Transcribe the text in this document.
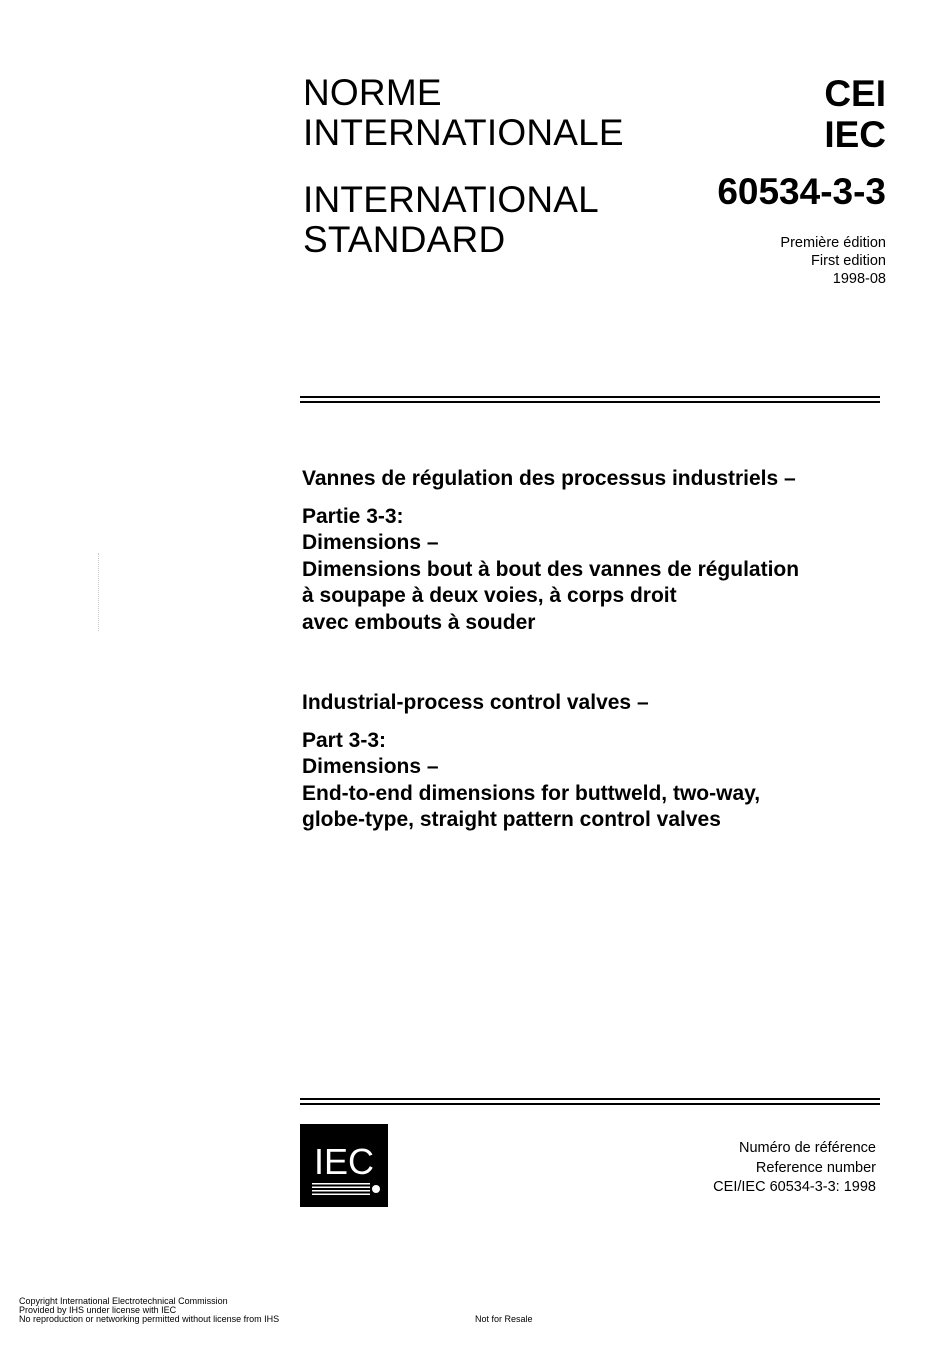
NORME
INTERNATIONALE
INTERNATIONAL
STANDARD
CEI
IEC
60534-3-3
Première édition
First edition
1998-08
Vannes de régulation des processus industriels –
Partie 3-3:
Dimensions –
Dimensions bout à bout des vannes de régulation
à soupape à deux voies, à corps droit
avec embouts à souder
Industrial-process control valves –
Part 3-3:
Dimensions –
End-to-end dimensions for buttweld, two-way,
globe-type, straight pattern control valves
IEC	Numéro de référence
Reference number
CEI/IEC 60534-3-3: 1998
Copyright International Electrotechnical Commission
Provided by IHS under license with IEC
No reproduction or networking permitted without license from IHS	Not for Resale
